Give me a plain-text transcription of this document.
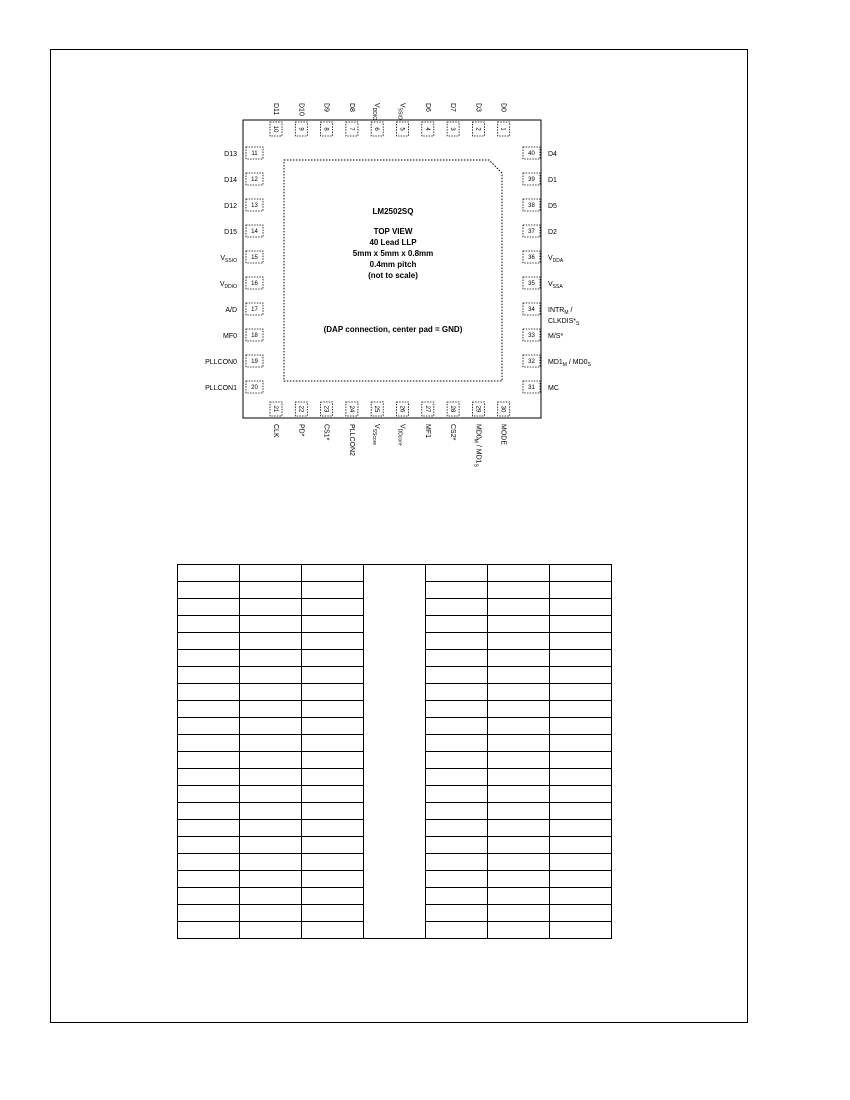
10
D11
9
D10
8
D9
7
D8
6
$V_{DDIO}$
5
$V_{SSIO}$
4
D6
3
D7
2
D3
1
D0
21
CLK
22
PD*
23
CS1*
24
PLLCON2
25
$V_{SScore}$
26
$V_{DDcore}$
27
MF1
28
CS2*
29
$MD0_M / MD1_S$
30
MODE
11
D13
12
D14
13
D12
14
D15
15
$V_{SSIO}$
16
$V_{DDIO}$
17
A/D
18
MF0
19
PLLCON0
20
PLLCON1
40 D4
39 D1
38 D5
37 D2
36 $V_{DDA}$
35 $V_{SSA}$
34 $INTR_M$ /
$CLKDIS*_S$
33 M/S*
32 $MD1_M / MD0_S$
31 MC
LM2502SQ
TOP VIEW
40 Lead LLP
5mm x 5mm x 0.8mm
0.4mm pitch
(not to scale)
(DAP connection, center pad = GND)
